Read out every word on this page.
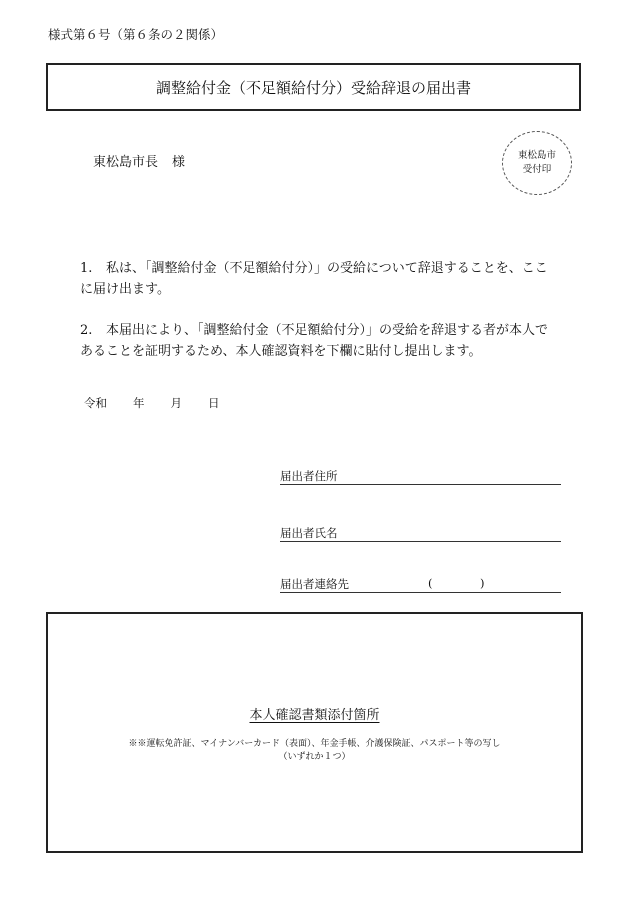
様式第６号（第６条の２関係）
調整給付金（不足額給付分）受給辞退の届出書
東松島市長 様	東松島市
受付印
1.	私は、「調整給付金（不足額給付分）」の受給について辞退することを、ここに届け出ます。
2.	本届出により、「調整給付金（不足額給付分）」の受給を辞退する者が本人であることを証明するため、本人確認資料を下欄に貼付し提出します。
令和 年 月 日
届出者住所
届出者氏名
届出者連絡先	(	)
本人確認書類添付箇所
※※運転免許証、マイナンバーカード（表面）、年金手帳、介護保険証、パスポート等の写し
（いずれか１つ）
